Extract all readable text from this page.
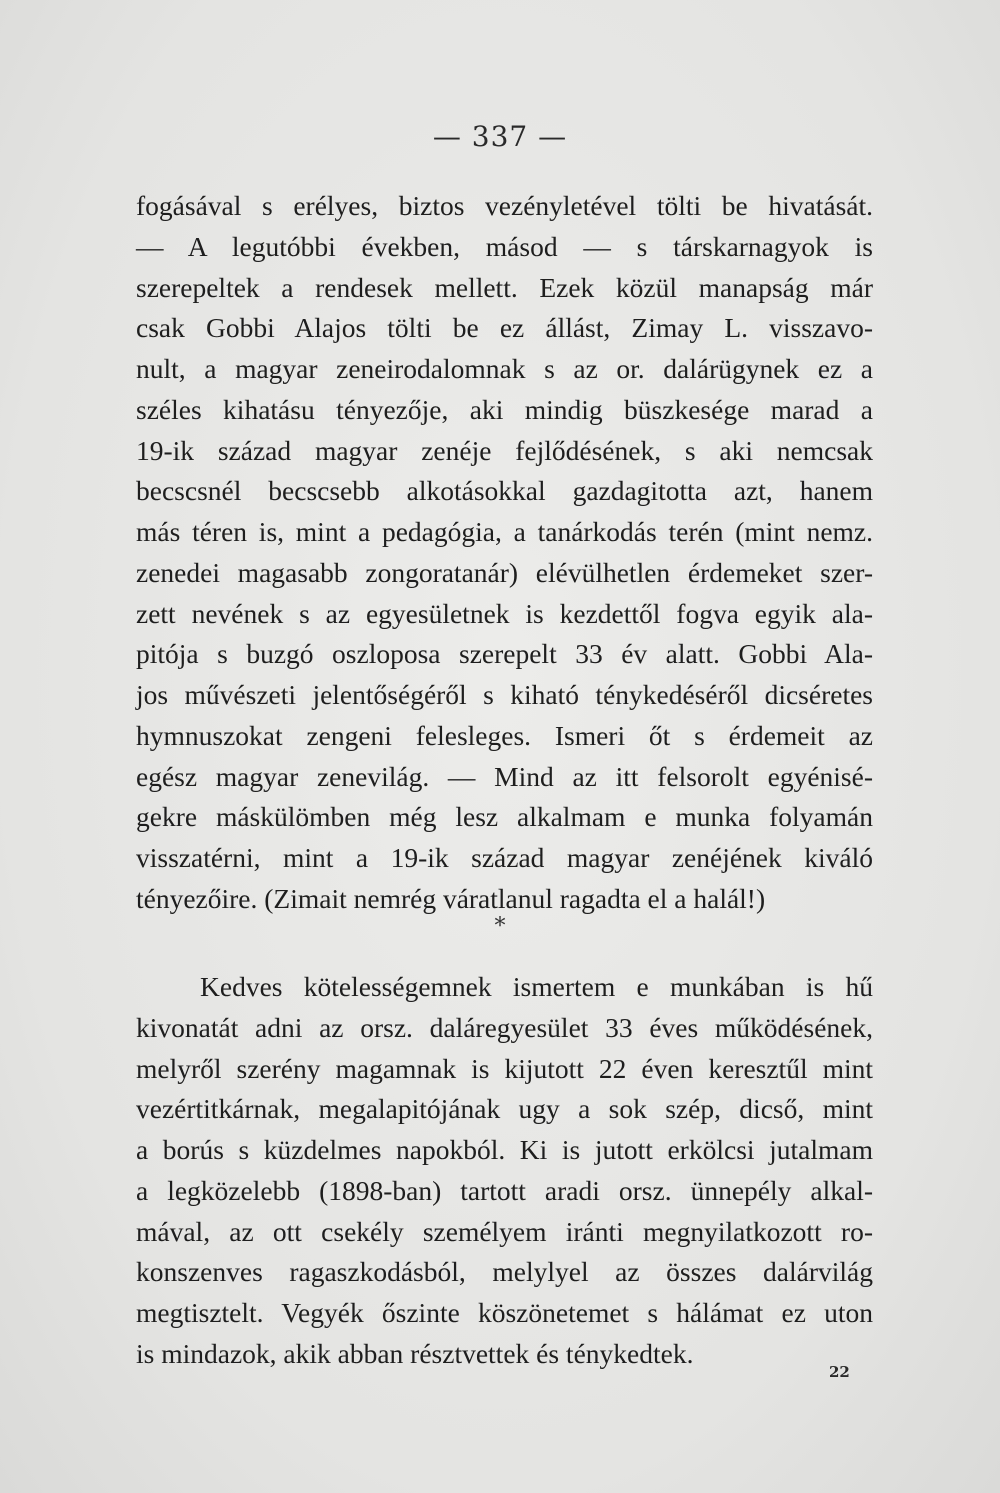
— 337 —
fogásával s erélyes, biztos vezényletével tölti be hivatását.
— A legutóbbi években, másod — s társkarnagyok is
szerepeltek a rendesek mellett. Ezek közül manapság már
csak Gobbi Alajos tölti be ez állást, Zimay L. visszavo-
nult, a magyar zeneirodalomnak s az or. dalárügynek ez a
széles kihatásu tényezője, aki mindig büszkesége marad a
19-ik század magyar zenéje fejlődésének, s aki nemcsak
becscsnél becscsebb alkotásokkal gazdagitotta azt, hanem
más téren is, mint a pedagógia, a tanárkodás terén (mint nemz.
zenedei magasabb zongoratanár) elévülhetlen érdemeket szer-
zett nevének s az egyesületnek is kezdettől fogva egyik ala-
pitója s buzgó oszloposa szerepelt 33 év alatt. Gobbi Ala-
jos művészeti jelentőségéről s kiható ténykedéséről dicséretes
hymnuszokat zengeni felesleges. Ismeri őt s érdemeit az
egész magyar zenevilág. — Mind az itt felsorolt egyénisé-
gekre máskülömben még lesz alkalmam e munka folyamán
visszatérni, mint a 19-ik század magyar zenéjének kiváló
tényezőire. (Zimait nemrég váratlanul ragadta el a halál!)
*
Kedves kötelességemnek ismertem e munkában is hű
kivonatát adni az orsz. daláregyesület 33 éves működésének,
melyről szerény magamnak is kijutott 22 éven keresztűl mint
vezértitkárnak, megalapitójának ugy a sok szép, dicső, mint
a borús s küzdelmes napokból. Ki is jutott erkölcsi jutalmam
a legközelebb (1898-ban) tartott aradi orsz. ünnepély alkal-
mával, az ott csekély személyem iránti megnyilatkozott ro-
konszenves ragaszkodásból, melylyel az összes dalárvilág
megtisztelt. Vegyék őszinte köszönetemet s hálámat ez uton
is mindazok, akik abban résztvettek és ténykedtek.
22
